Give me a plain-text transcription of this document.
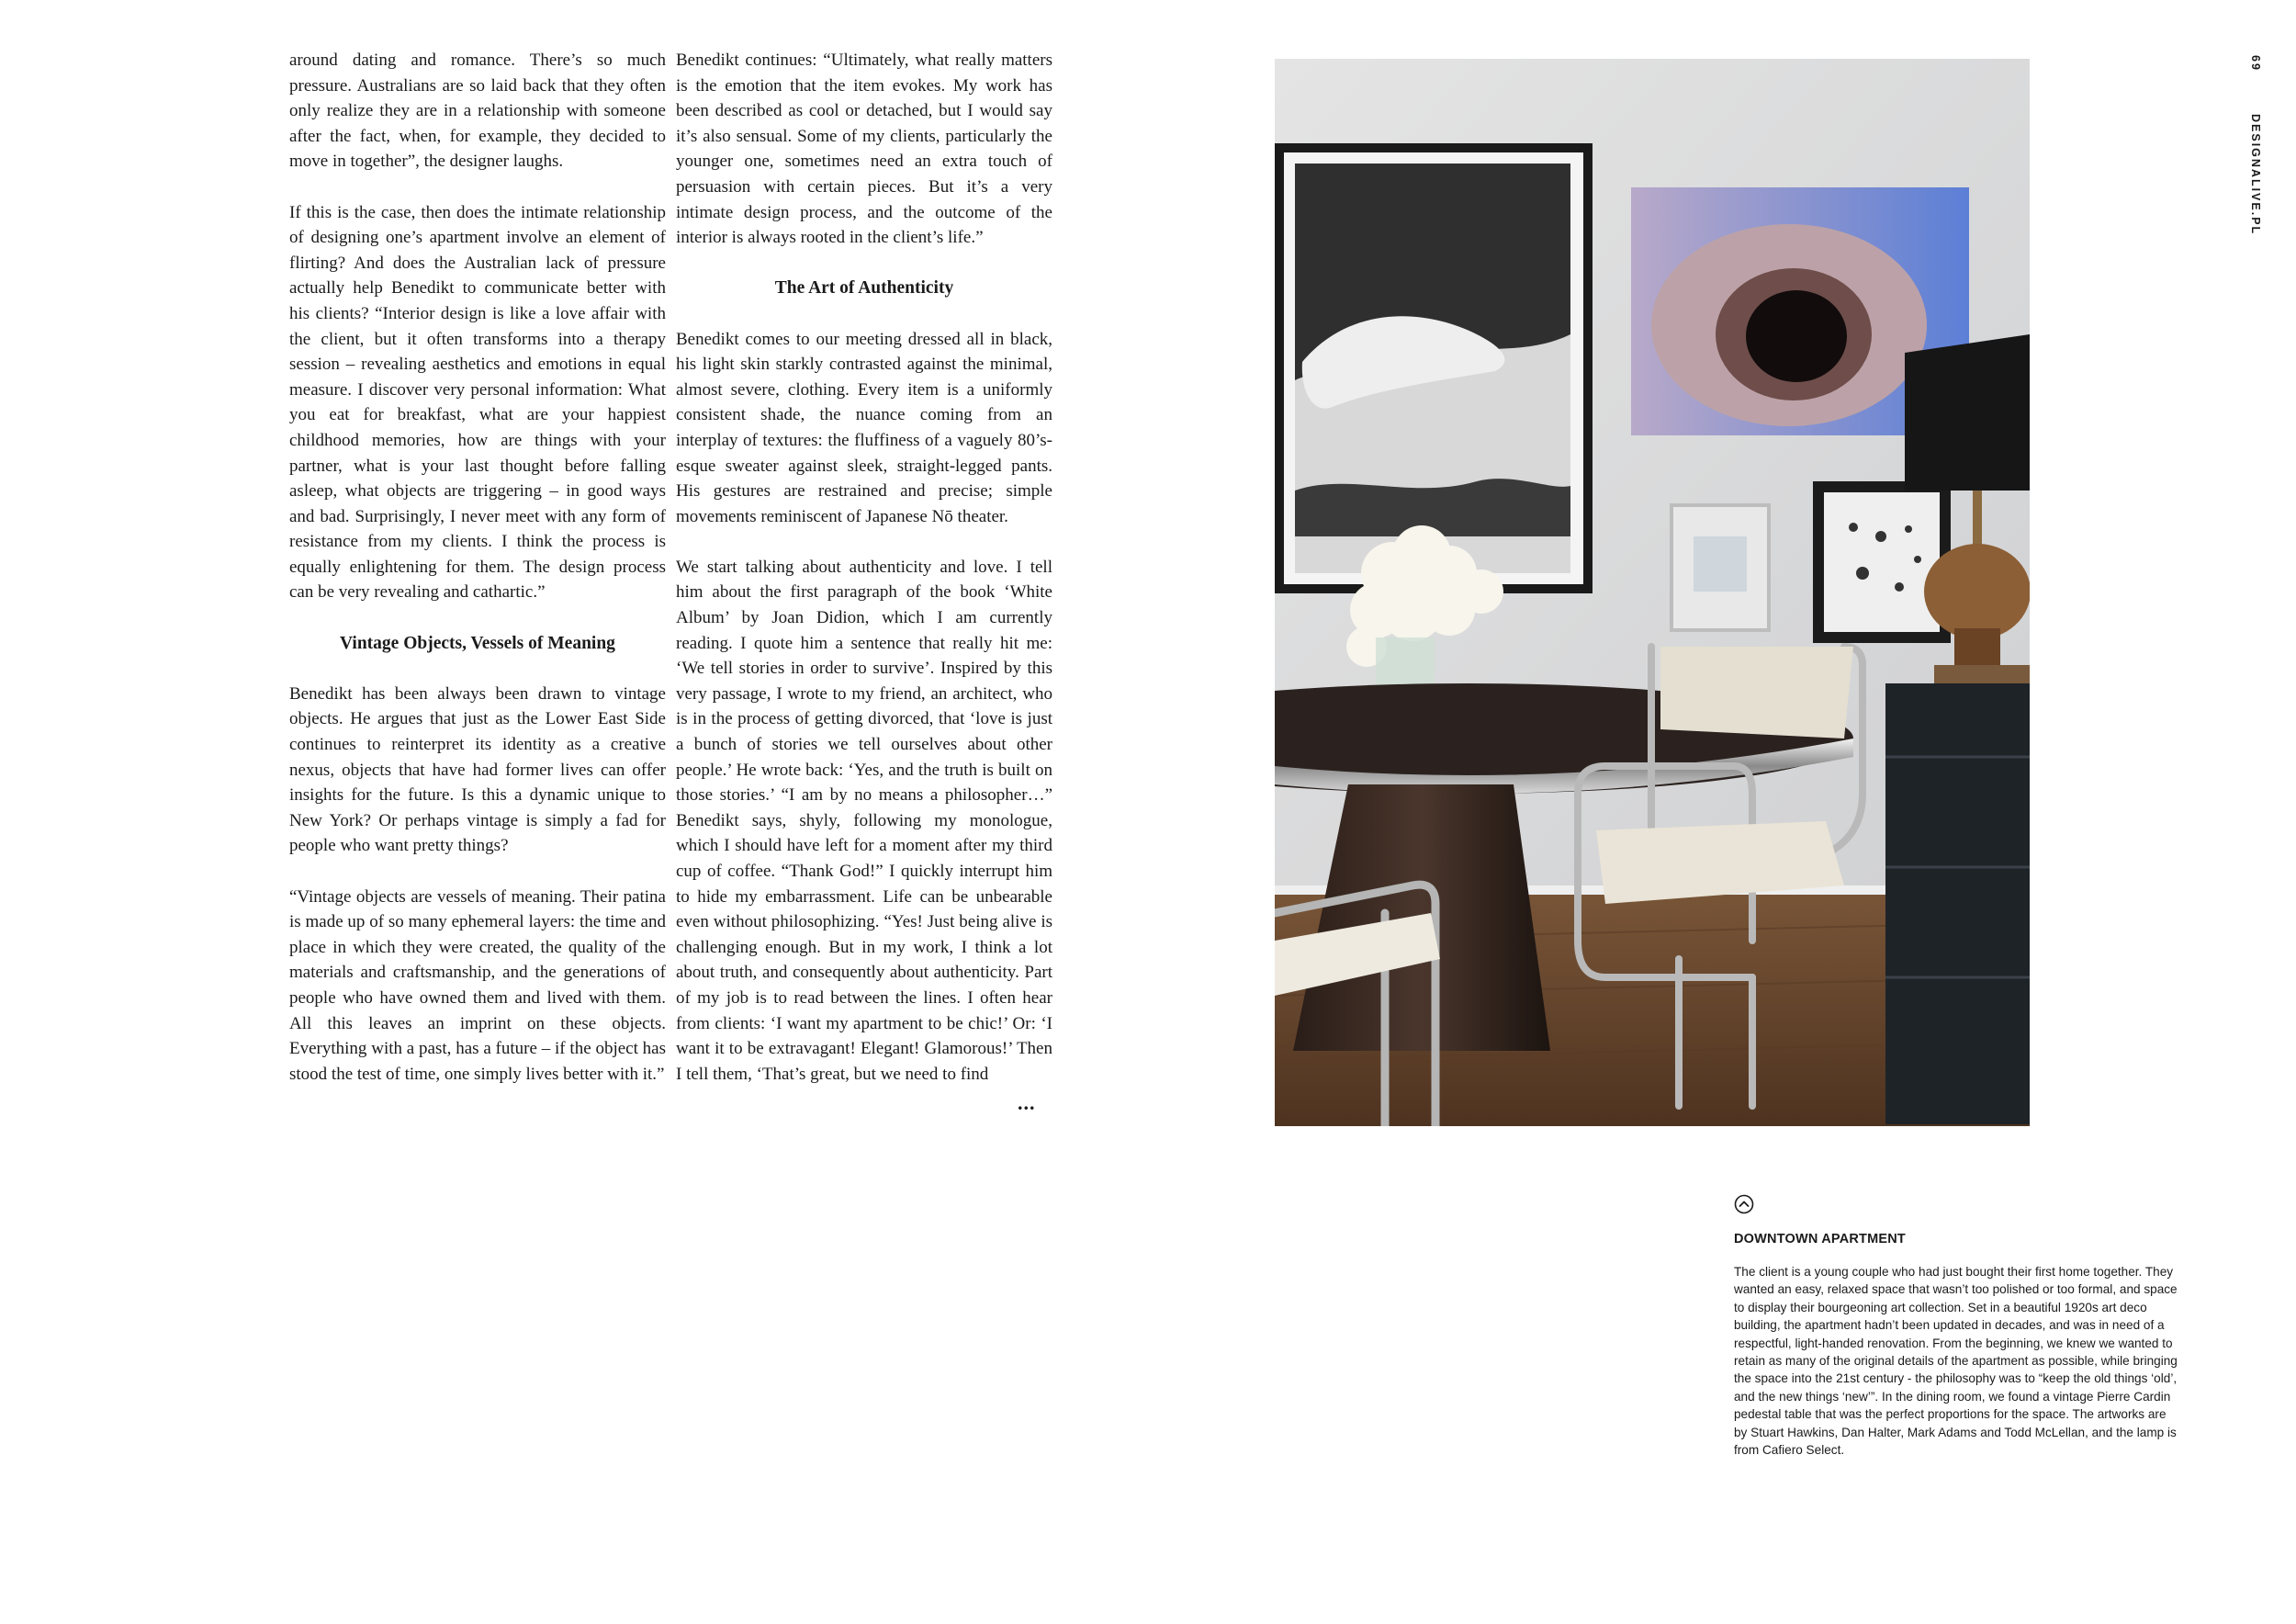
around dating and romance. There’s so much pressure. Australians are so laid back that they often only realize they are in a relationship with someone after the fact, when, for example, they decided to move in together”, the designer laughs.

If this is the case, then does the intimate relationship of designing one’s apartment involve an element of flirting? And does the Australian lack of pressure actually help Benedikt to communicate better with his clients? “Interior design is like a love affair with the client, but it often transforms into a therapy session – revealing aesthetics and emotions in equal measure. I discover very personal information: What you eat for breakfast, what are your happiest childhood memories, how are things with your partner, what is your last thought before falling asleep, what objects are triggering – in good ways and bad. Surprisingly, I never meet with any form of resistance from my clients. I think the process is equally enlightening for them. The design process can be very revealing and cathartic.”

Vintage Objects, Vessels of Meaning

Benedikt has been always been drawn to vintage objects. He argues that just as the Lower East Side continues to reinterpret its identity as a creative nexus, objects that have had former lives can offer insights for the future. Is this a dynamic unique to New York? Or perhaps vintage is simply a fad for people who want pretty things?

“Vintage objects are vessels of meaning. Their patina is made up of so many ephemeral layers: the time and place in which they were created, the quality of the materials and craftsmanship, and the generations of people who have owned them and lived with them. All this leaves an imprint on these objects. Everything with a past, has a future – if the object has stood the test of time, one simply lives better with it.”

Benedikt continues: “Ultimately, what really matters is the emotion that the item evokes. My work has been described as cool or detached, but I would say it’s also sensual. Some of my clients, particularly the younger one, sometimes need an extra touch of persuasion with certain pieces. But it’s a very intimate design process, and the outcome of the interior is always rooted in the client’s life.”

The Art of Authenticity

Benedikt comes to our meeting dressed all in black, his light skin starkly contrasted against the minimal, almost severe, clothing. Every item is a uniformly consistent shade, the nuance coming from an interplay of textures: the fluffiness of a vaguely 80’s-esque sweater against sleek, straight-legged pants. His gestures are restrained and precise; simple movements reminiscent of Japanese Nō theater.

We start talking about authenticity and love. I tell him about the first paragraph of the book ‘White Album’ by Joan Didion, which I am currently reading. I quote him a sentence that really hit me: ‘We tell stories in order to survive’. Inspired by this very passage, I wrote to my friend, an architect, who is in the process of getting divorced, that ‘love is just a bunch of stories we tell ourselves about other people.’ He wrote back: ‘Yes, and the truth is built on those stories.’ “I am by no means a philosopher…” Benedikt says, shyly, following my monologue, which I should have left for a moment after my third cup of coffee. “Thank God!” I quickly interrupt him to hide my embarrassment. Life can be unbearable even without philosophizing. “Yes! Just being alive is challenging enough. But in my work, I think a lot about truth, and consequently about authenticity. Part of my job is to read between the lines. I often hear from clients: ‘I want my apartment to be chic!’ Or: ‘I want it to be extravagant! Elegant! Glamorous!’ Then I tell them, ‘That’s great, but we need to find

...
69
DESIGNALIVE.PL
DOWNTOWN APARTMENT

The client is a young couple who had just bought their first home together. They wanted an easy, relaxed space that wasn’t too polished or too formal, and space to display their bourgeoning art collection. Set in a beautiful 1920s art deco building, the apartment hadn’t been updated in decades, and was in need of a respectful, light-handed renovation. From the beginning, we knew we wanted to retain as many of the original details of the apartment as possible, while bringing the space into the 21st century - the philosophy was to “keep the old things ‘old’, and the new things ‘new’”. In the dining room, we found a vintage Pierre Cardin pedestal table that was the perfect proportions for the space. The artworks are by Stuart Hawkins, Dan Halter, Mark Adams and Todd McLellan, and the lamp is from Cafiero Select.
